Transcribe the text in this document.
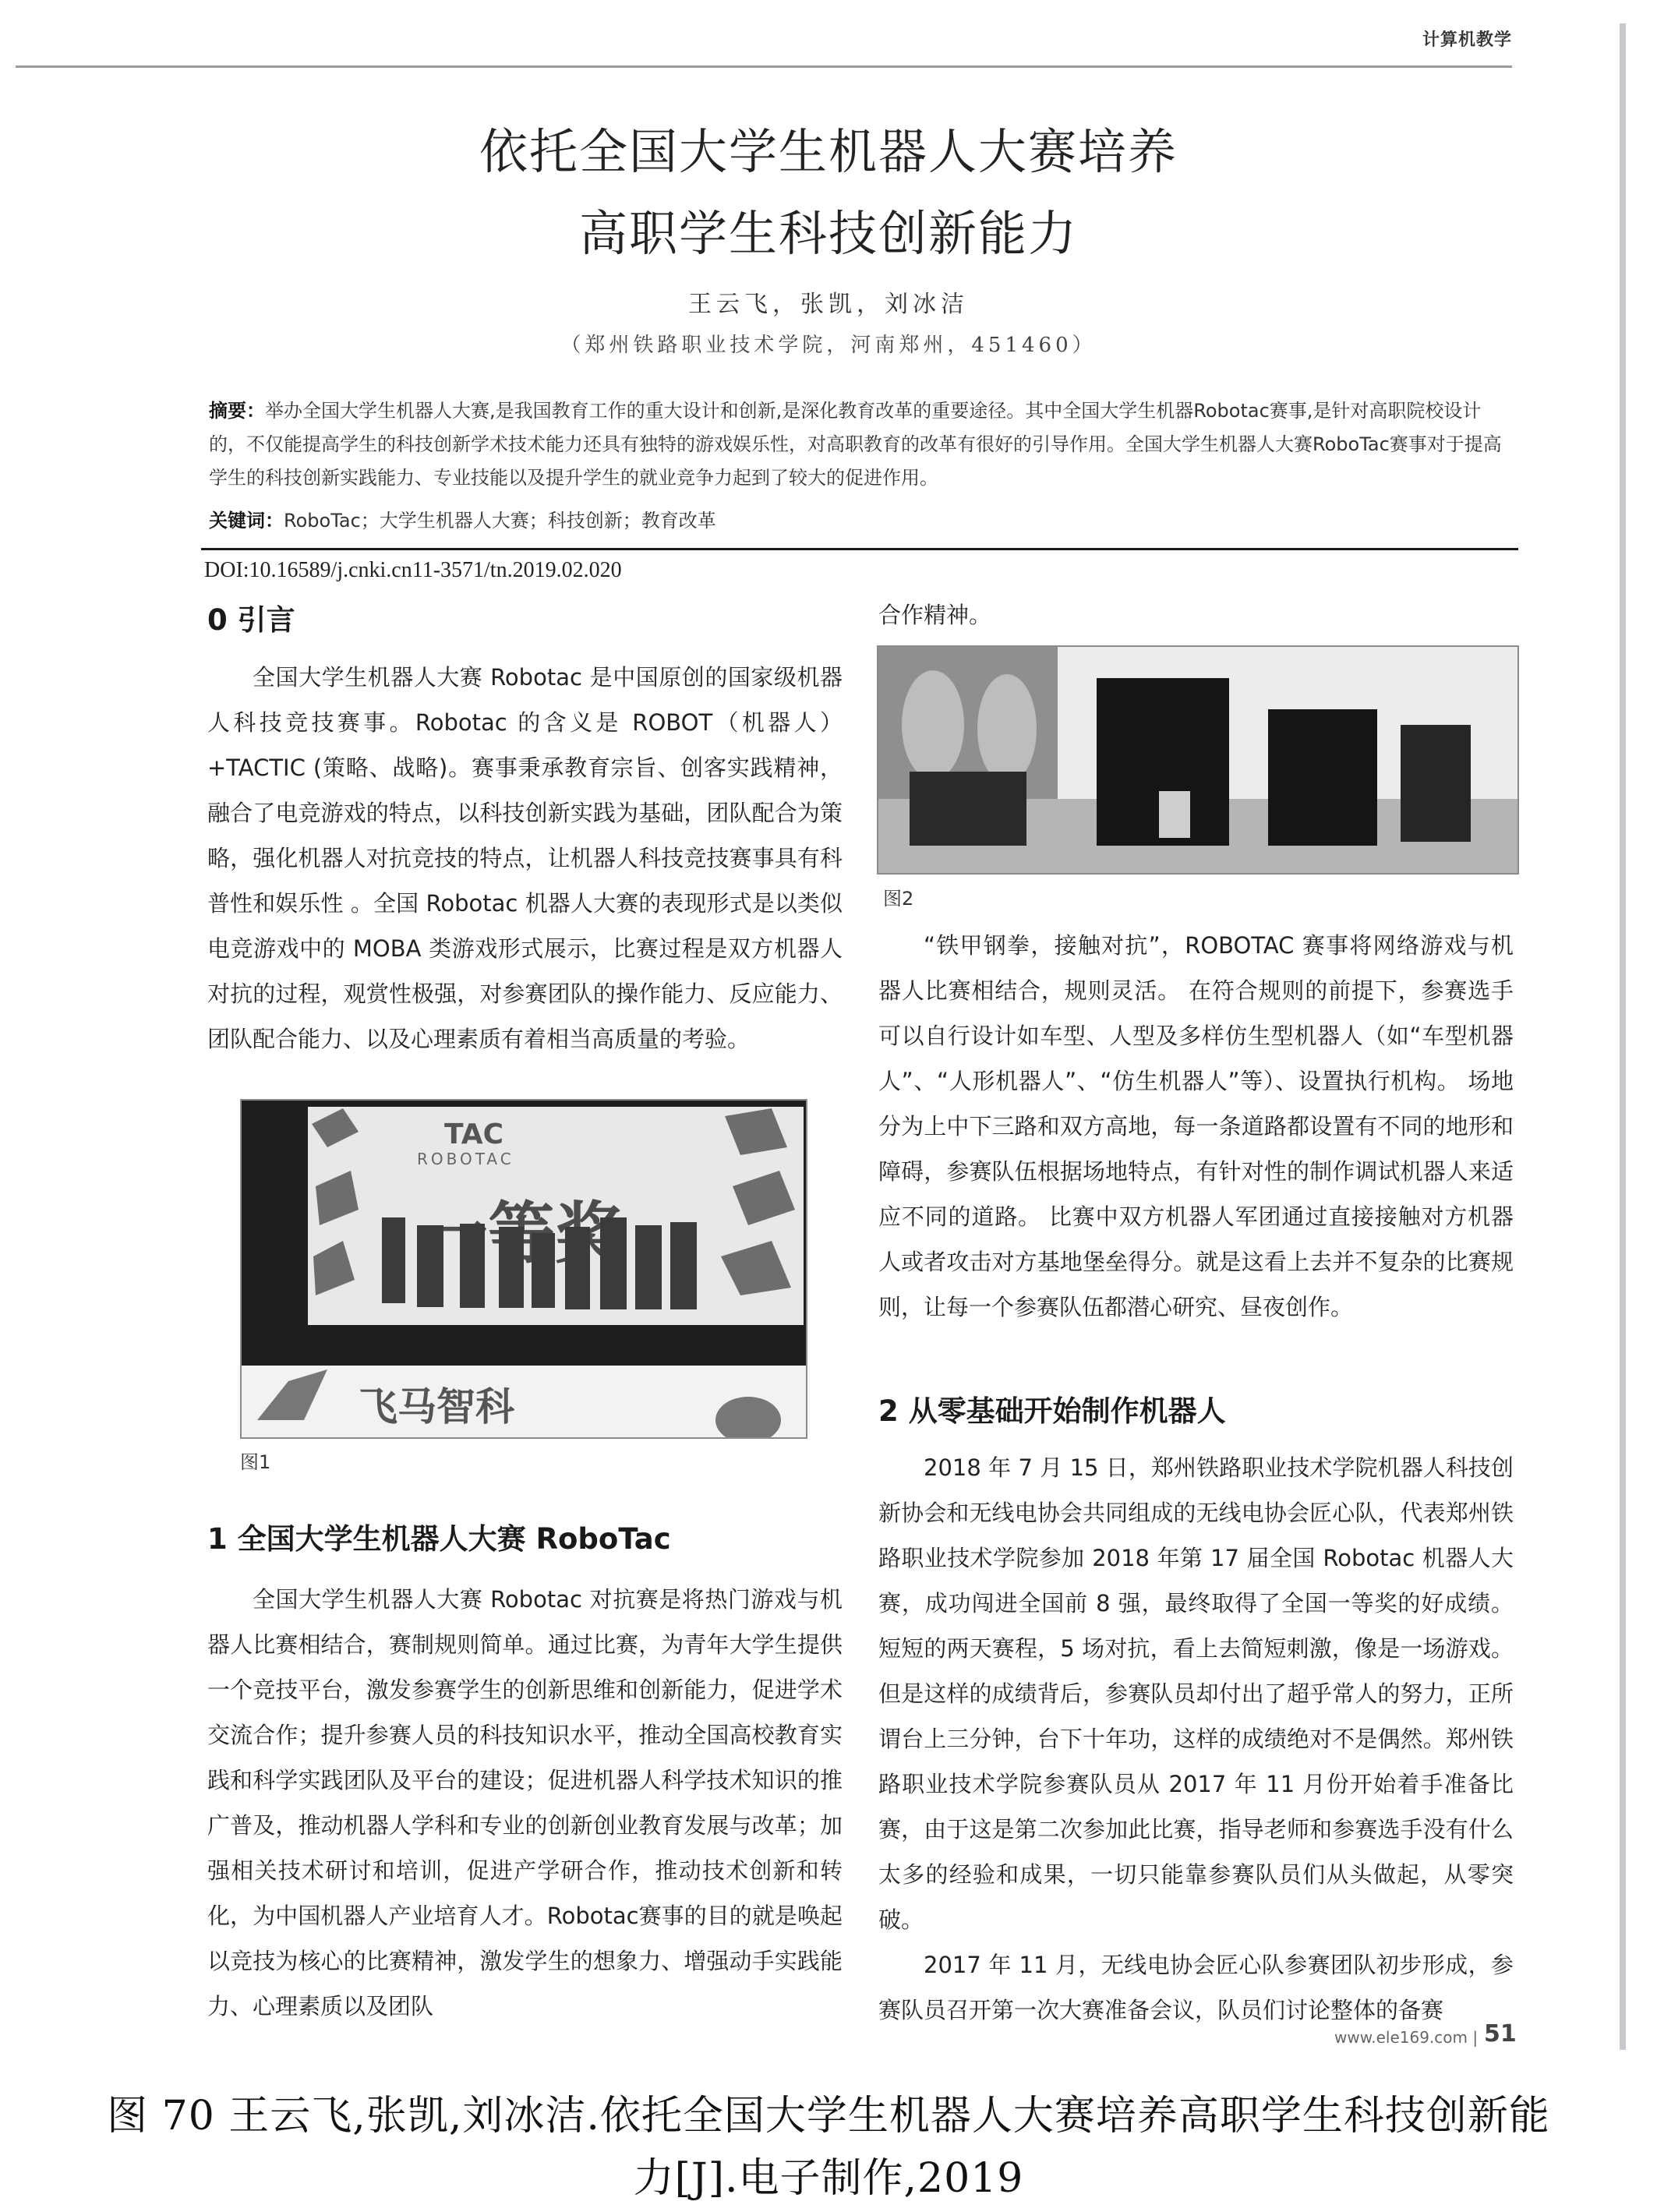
计算机教学
依托全国大学生机器人大赛培养
高职学生科技创新能力
王云飞，张凯，刘冰洁
（郑州铁路职业技术学院，河南郑州，451460）
摘要：举办全国大学生机器人大赛,是我国教育工作的重大设计和创新,是深化教育改革的重要途径。其中全国大学生机器Robotac赛事,是针对高职院校设计的，不仅能提高学生的科技创新学术技术能力还具有独特的游戏娱乐性，对高职教育的改革有很好的引导作用。全国大学生机器人大赛RoboTac赛事对于提高学生的科技创新实践能力、专业技能以及提升学生的就业竞争力起到了较大的促进作用。
关键词：RoboTac；大学生机器人大赛；科技创新；教育改革
DOI:10.16589/j.cnki.cn11-3571/tn.2019.02.020
0 引言

全国大学生机器人大赛 Robotac 是中国原创的国家级机器人科技竞技赛事。Robotac 的含义是 ROBOT（机器人）+TACTIC (策略、战略)。赛事秉承教育宗旨、创客实践精神，融合了电竞游戏的特点，以科技创新实践为基础，团队配合为策略，强化机器人对抗竞技的特点，让机器人科技竞技赛事具有科普性和娱乐性 。全国 Robotac 机器人大赛的表现形式是以类似电竞游戏中的 MOBA 类游戏形式展示，比赛过程是双方机器人对抗的过程，观赏性极强，对参赛团队的操作能力、反应能力、团队配合能力、以及心理素质有着相当高质量的考验。

TAC
ROBOTAC
飞马智科
图1
1 全国大学生机器人大赛 RoboTac

全国大学生机器人大赛 Robotac 对抗赛是将热门游戏与机器人比赛相结合，赛制规则简单。通过比赛，为青年大学生提供一个竞技平台，激发参赛学生的创新思维和创新能力，促进学术交流合作；提升参赛人员的科技知识水平，推动全国高校教育实践和科学实践团队及平台的建设；促进机器人科学技术知识的推广普及，推动机器人学科和专业的创新创业教育发展与改革；加强相关技术研讨和培训，促进产学研合作，推动技术创新和转化，为中国机器人产业培育人才。Robotac赛事的目的就是唤起以竞技为核心的比赛精神，激发学生的想象力、增强动手实践能力、心理素质以及团队

合作精神。

图2

“铁甲钢拳，接触对抗”，ROBOTAC 赛事将网络游戏与机器人比赛相结合，规则灵活。 在符合规则的前提下，参赛选手可以自行设计如车型、人型及多样仿生型机器人（如“车型机器人”、“人形机器人”、“仿生机器人”等）、设置执行机构。 场地分为上中下三路和双方高地，每一条道路都设置有不同的地形和障碍，参赛队伍根据场地特点，有针对性的制作调试机器人来适应不同的道路。 比赛中双方机器人军团通过直接接触对方机器人或者攻击对方基地堡垒得分。就是这看上去并不复杂的比赛规则，让每一个参赛队伍都潜心研究、昼夜创作。

2 从零基础开始制作机器人

2018 年 7 月 15 日，郑州铁路职业技术学院机器人科技创新协会和无线电协会共同组成的无线电协会匠心队，代表郑州铁路职业技术学院参加 2018 年第 17 届全国 Robotac 机器人大赛，成功闯进全国前 8 强，最终取得了全国一等奖的好成绩。短短的两天赛程，5 场对抗，看上去简短刺激，像是一场游戏。但是这样的成绩背后，参赛队员却付出了超乎常人的努力，正所谓台上三分钟，台下十年功，这样的成绩绝对不是偶然。郑州铁路职业技术学院参赛队员从 2017 年 11 月份开始着手准备比赛，由于这是第二次参加此比赛，指导老师和参赛选手没有什么太多的经验和成果，一切只能靠参赛队员们从头做起，从零突破。

2017 年 11 月，无线电协会匠心队参赛团队初步形成，参赛队员召开第一次大赛准备会议，队员们讨论整体的备赛

www.ele169.com | 51
图 70 王云飞,张凯,刘冰洁.依托全国大学生机器人大赛培养高职学生科技创新能
力[J].电子制作,2019
